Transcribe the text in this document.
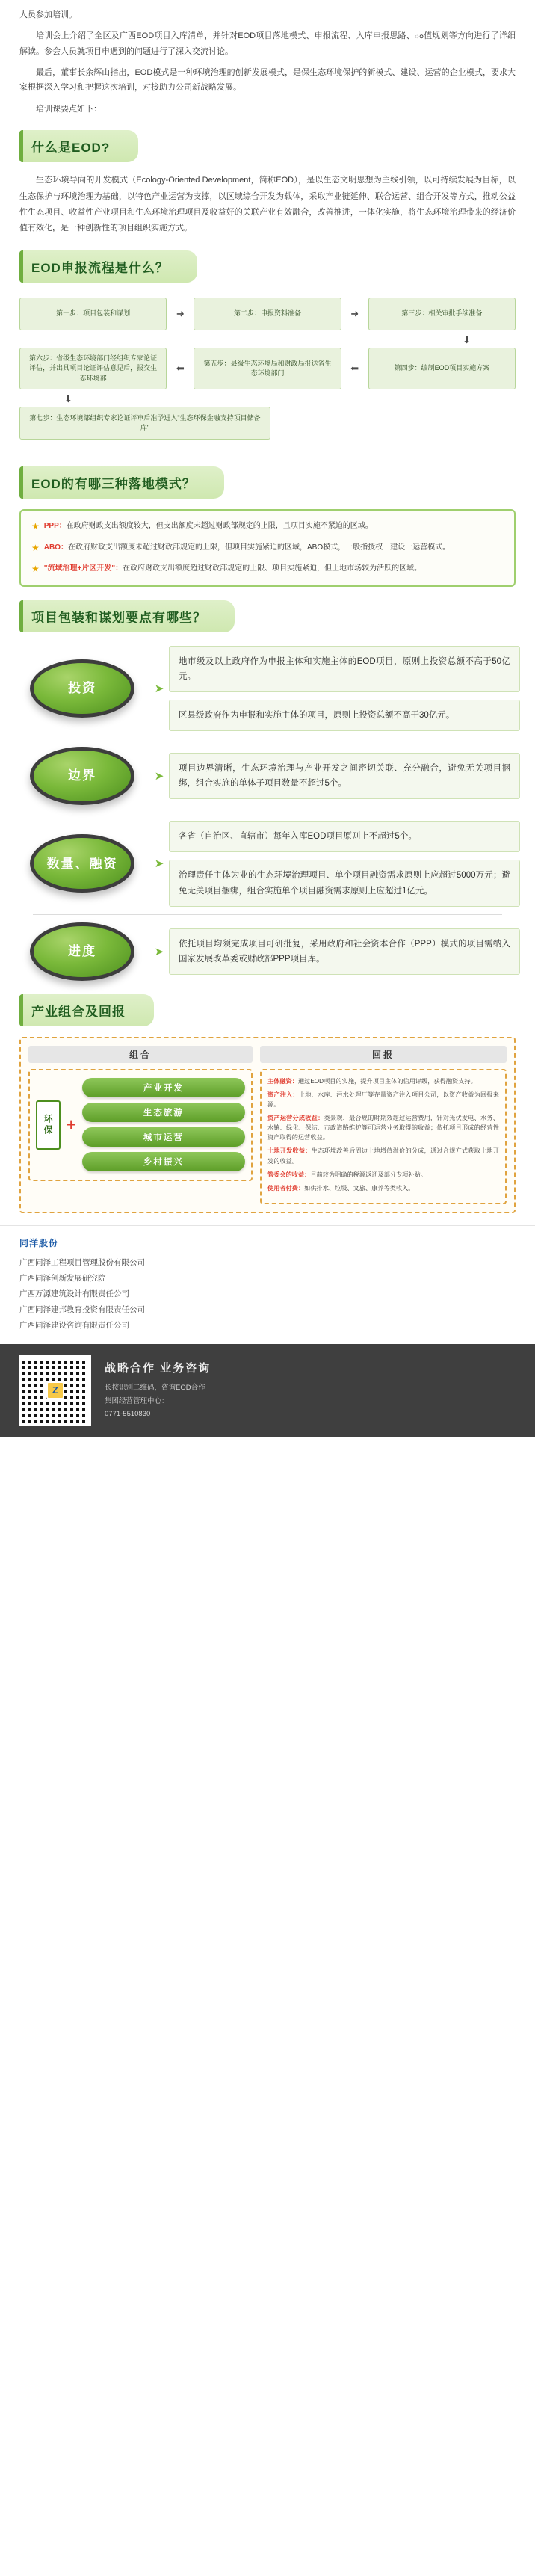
人员参加培训。

培训会上介绍了全区及广西EOD项目入库清单，并针对EOD项目落地模式、申报流程、入库申报思路、ం值规划等方向进行了详细解读。参会人员就项目申遇到的问题进行了深入交流讨论。

最后，董事长余辉山指出，EOD模式是一种环境治理的创新发展模式，是保生态环境保护的新模式、建设、运营的企业模式，要求大家根据深入学习和把握这次培训，对接助力公司新战略发展。

培训课要点如下：

什么是EOD?

生态环境导向的开发模式（Ecology-Oriented Development，简称EOD），是以生态文明思想为主线引领，以可持续发展为目标，以生态保护与环境治理为基础，以特色产业运营为支撑，以区域综合开发为载体，采取产业链延伸、联合运营、组合开发等方式，推动公益性生态项目、收益性产业项目和生态环境治理项目及收益好的关联产业有效融合，改善推进，一体化实施，将生态环境治理带来的经济价值有效化，是一种创新性的项目组织实施方式。

EOD申报流程是什么？
第一步：项目包装和谋划	➜	第二步：申报资料准备	➜	第三步：相关审批手续准备
⬇
第六步：省级生态环境部门经组织专家论证评估，并出具项目论证评估意见后，报交生态环境部
⬅	第五步：县级生态环境局和财政局报送省生态环境部门	⬅	第四步：编制EOD项目实施方案
⬇
第七步：生态环境部组织专家论证评审后准予进入"生态环保金融支持项目储备库"
EOD的有哪三种落地模式？
★ PPP：在政府财政支出额度较大，但支出额度未超过财政部规定的上限，且项目实施不紧迫的区域。
★ ABO：在政府财政支出额度未超过财政部规定的上限，但项目实施紧迫的区域，ABO模式，一般指授权一建设一运营模式。
★ "流域治理+片区开发"：在政府财政支出额度超过财政部规定的上限、项目实施紧迫，但土地市场较为活跃的区域。
项目包装和谋划要点有哪些？
投资	➤
地市级及以上政府作为申报主体和实施主体的EOD项目，原则上投资总额不高于50亿元。
区县级政府作为申报和实施主体的项目，原则上投资总额不高于30亿元。
边界	➤
项目边界清晰，生态环境治理与产业开发之间密切关联、充分融合，避免无关项目捆绑，组合实施的单体子项目数量不超过5个。
数量、融资	➤
各省（自治区、直辖市）每年入库EOD项目原则上不超过5个。
治理责任主体为业的生态环境治理项目、单个项目融资需求原则上应超过5000万元；避免无关项目捆绑，组合实施单个项目融资需求原则上应超过1亿元。
进度	➤
依托项目均须完成项目可研批复，采用政府和社会资本合作（PPP）模式的项目需纳入国家发展改革委或财政部PPP项目库。
产业组合及回报
组合
环保 +
产业开发
生态旅游
城市运营
乡村振兴
回报
主体融资：通过EOD项目的实施，提升项目主体的信用评级，获得融资支持。
资产注入：土地、水库、污水处理厂等存量资产注入项目公司，以资产收益为回报来源。
资产运营分成收益：类景观、最合规的时期效超过运营费用，针对光伏发电、水务、水镇、绿化、保洁、市政道路维护等可运营业务取得的收益；依托项目形成的经营性资产取得的运营收益。
土地开发收益：生态环境改善后周边土地增值溢价的分成，通过合规方式获取土地开发的收益。
管委会的收益：目前较为明确的税源返还及部分专项补贴。
使用者付费：如供排水、垃圾、文旅、康养等类收入。
同洋股份
广西同泽工程项目管理股份有限公司
广西同泽创新发展研究院
广西万源建筑设计有限责任公司
广西同泽建邦教育投资有限责任公司
广西同泽建设咨询有限责任公司
Z
战略合作 业务咨询
长按识别二维码，咨询EOD合作
集团经营管理中心：
0771-5510830
